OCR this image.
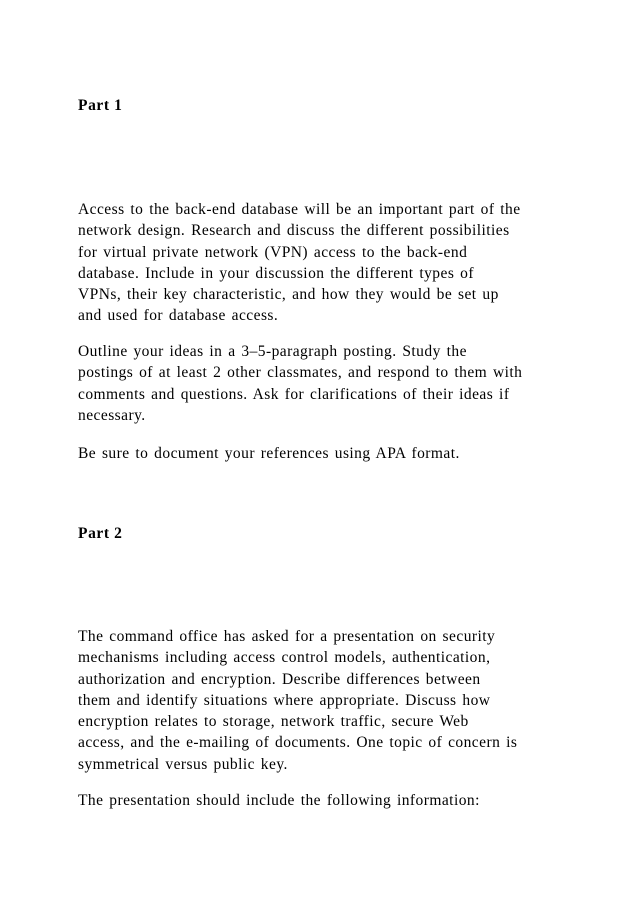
Part 1

Access to the back-end database will be an important part of the
network design. Research and discuss the different possibilities
for virtual private network (VPN) access to the back-end
database. Include in your discussion the different types of
VPNs, their key characteristic, and how they would be set up
and used for database access.

Outline your ideas in a 3–5-paragraph posting. Study the
postings of at least 2 other classmates, and respond to them with
comments and questions. Ask for clarifications of their ideas if
necessary.

Be sure to document your references using APA format.

Part 2

The command office has asked for a presentation on security
mechanisms including access control models, authentication,
authorization and encryption. Describe differences between
them and identify situations where appropriate. Discuss how
encryption relates to storage, network traffic, secure Web
access, and the e-mailing of documents. One topic of concern is
symmetrical versus public key.

The presentation should include the following information:
